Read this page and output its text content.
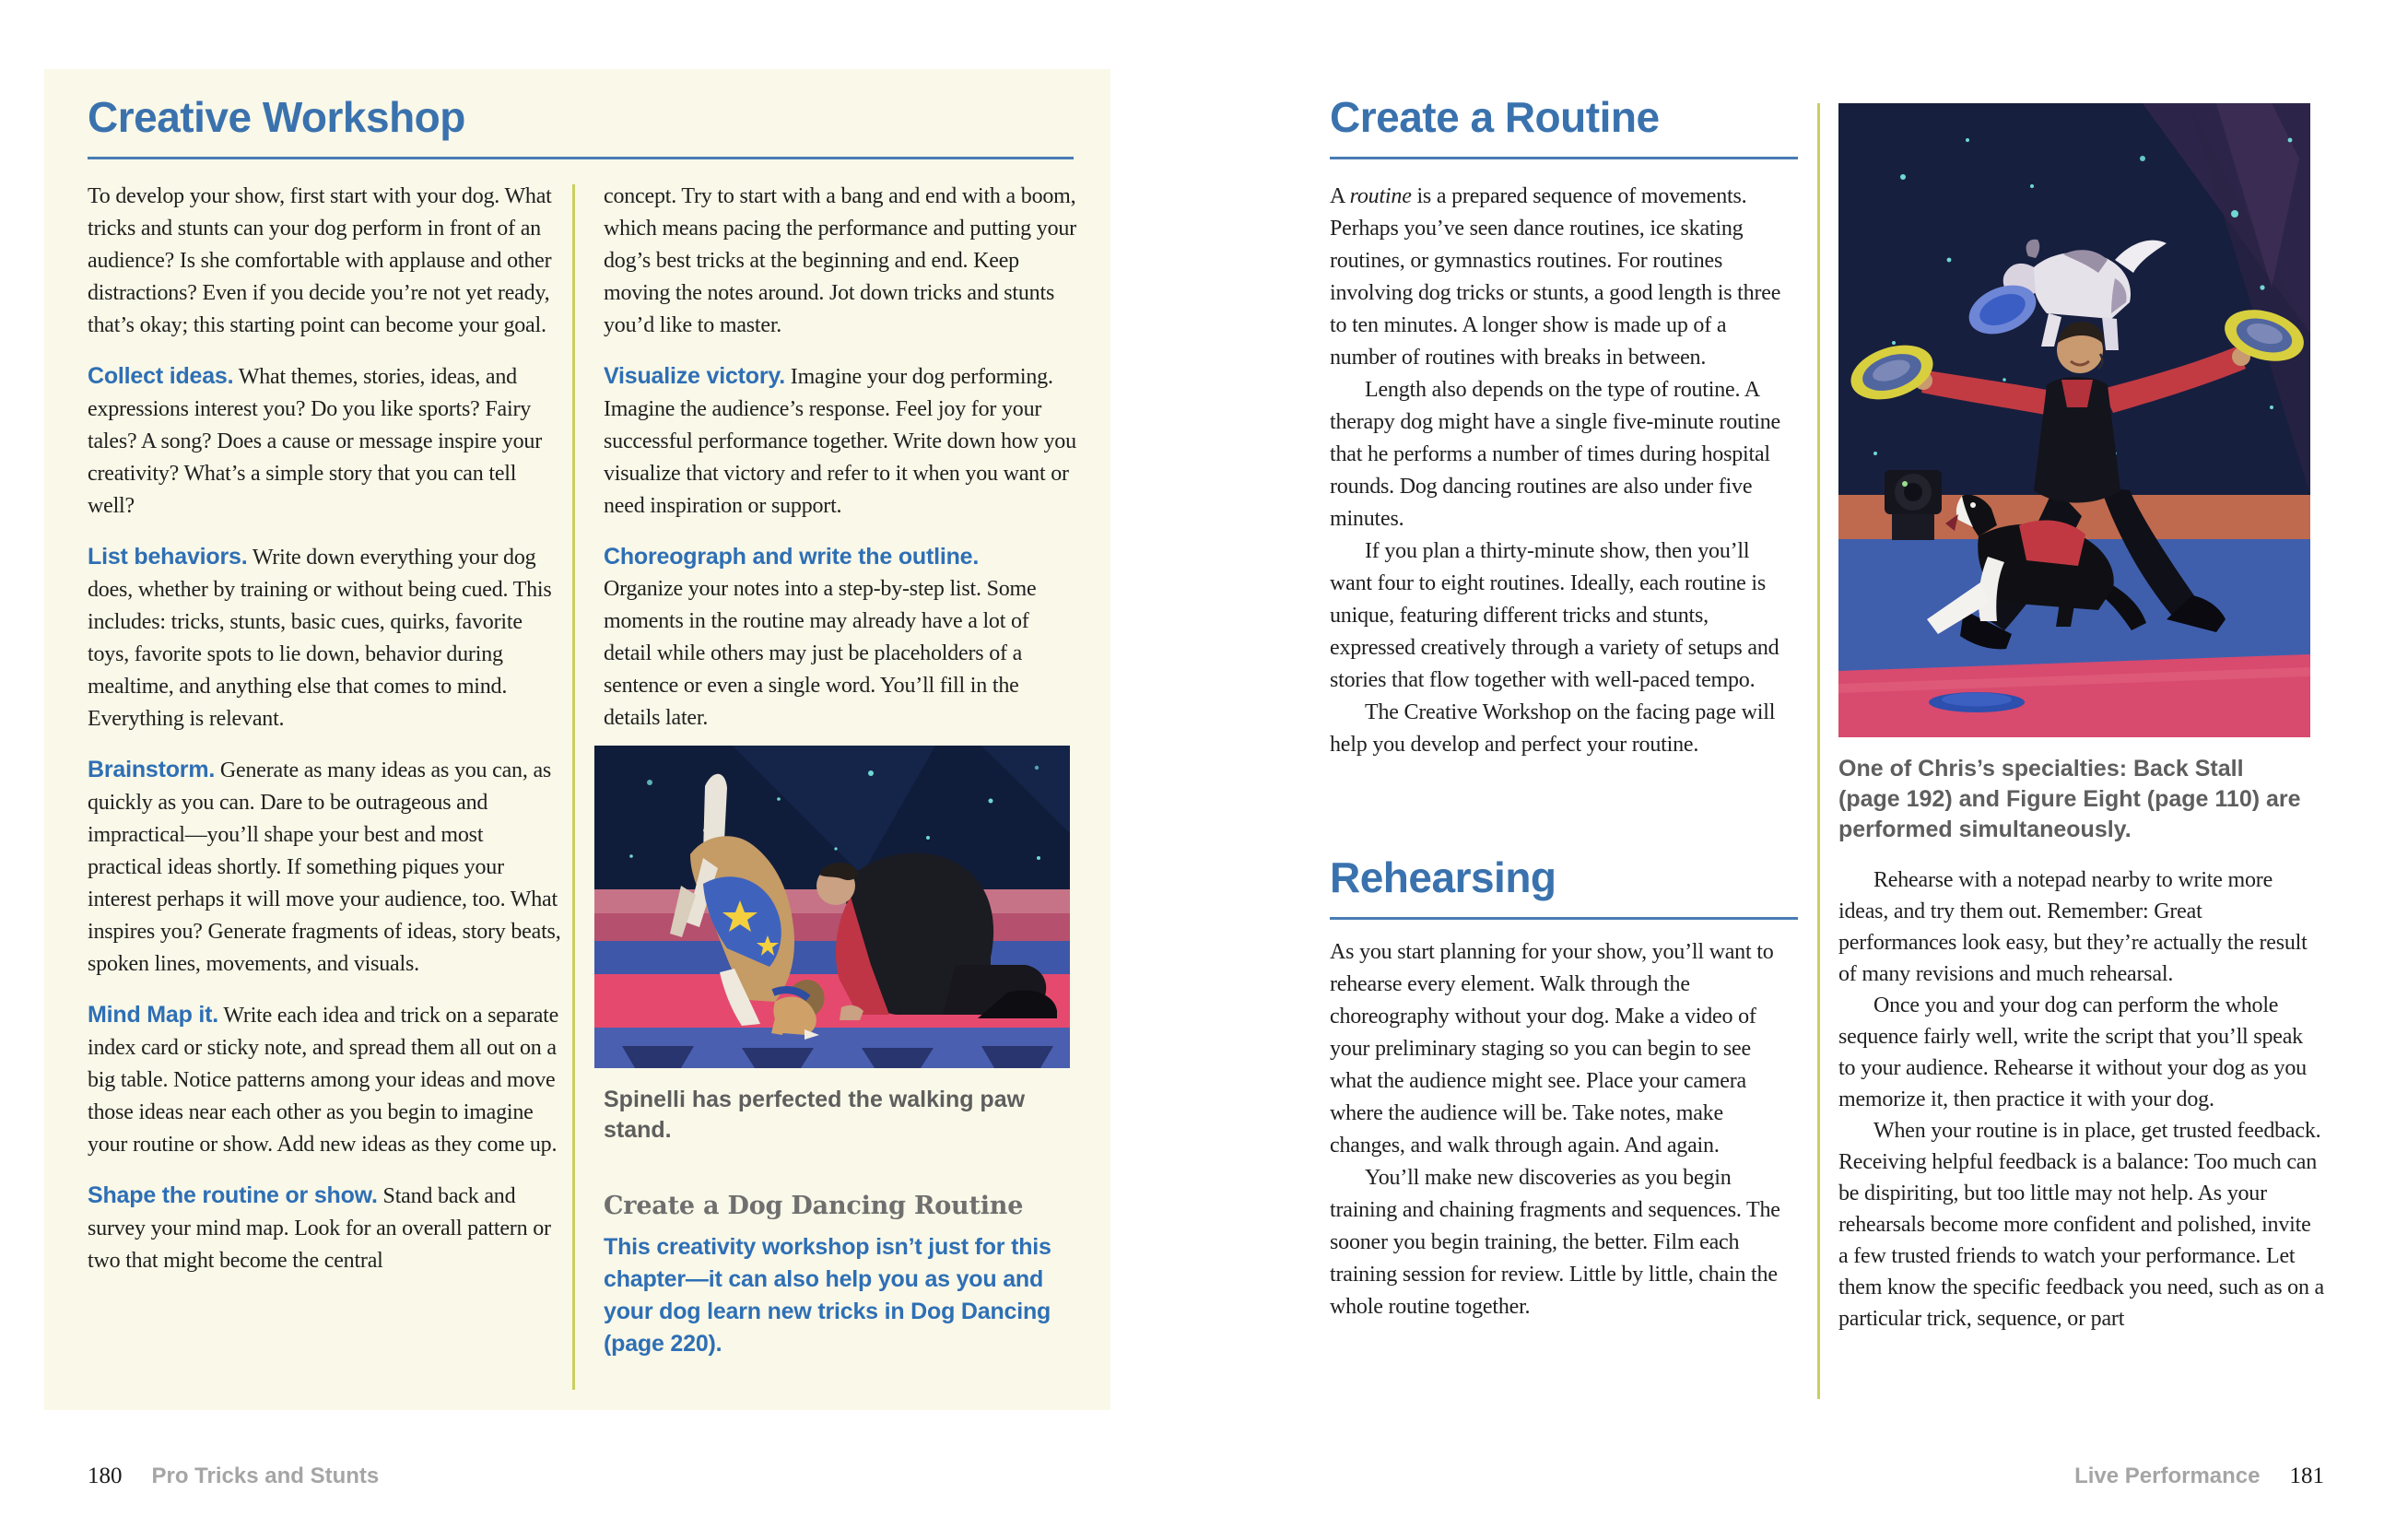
Creative Workshop

To develop your show, first start with your dog. What tricks and stunts can your dog perform in front of an audience? Is she comfortable with applause and other distractions? Even if you decide you’re not yet ready, that’s okay; this starting point can become your goal.

Collect ideas. What themes, stories, ideas, and expressions interest you? Do you like sports? Fairy tales? A song? Does a cause or message inspire your creativity? What’s a simple story that you can tell well?

List behaviors. Write down everything your dog does, whether by training or without being cued. This includes: tricks, stunts, basic cues, quirks, favorite toys, favorite spots to lie down, behavior during mealtime, and anything else that comes to mind. Everything is relevant.

Brainstorm. Generate as many ideas as you can, as quickly as you can. Dare to be outrageous and impractical—you’ll shape your best and most practical ideas shortly. If something piques your interest perhaps it will move your audience, too. What inspires you? Generate fragments of ideas, story beats, spoken lines, movements, and visuals.

Mind Map it. Write each idea and trick on a separate index card or sticky note, and spread them all out on a big table. Notice patterns among your ideas and move those ideas near each other as you begin to imagine your routine or show. Add new ideas as they come up.

Shape the routine or show. Stand back and survey your mind map. Look for an overall pattern or two that might become the central

concept. Try to start with a bang and end with a boom, which means pacing the performance and putting your dog’s best tricks at the beginning and end. Keep moving the notes around. Jot down tricks and stunts you’d like to master.

Visualize victory. Imagine your dog performing. Imagine the audience’s response. Feel joy for your successful performance together. Write down how you visualize that victory and refer to it when you want or need inspiration or support.

Choreograph and write the outline.
Organize your notes into a step-by-step list. Some moments in the routine may already have a lot of detail while others may just be placeholders of a sentence or even a single word. You’ll fill in the details later.

Spinelli has perfected the walking paw stand.
Create a Dog Dancing Routine
This creativity workshop isn’t just for this chapter—it can also help you as you and your dog learn new tricks in Dog Dancing (page 220).
180 Pro Tricks and Stunts
Create a Routine

A routine is a prepared sequence of movements. Perhaps you’ve seen dance routines, ice skating routines, or gymnastics routines. For routines involving dog tricks or stunts, a good length is three to ten minutes. A longer show is made up of a number of routines with breaks in between.

Length also depends on the type of routine. A therapy dog might have a single five-minute routine that he performs a number of times during hospital rounds. Dog dancing routines are also under five minutes.

If you plan a thirty-minute show, then you’ll want four to eight routines. Ideally, each routine is unique, featuring different tricks and stunts, expressed creatively through a variety of setups and stories that flow together with well-paced tempo.

The Creative Workshop on the facing page will help you develop and perfect your routine.

Rehearsing

As you start planning for your show, you’ll want to rehearse every element. Walk through the choreography without your dog. Make a video of your preliminary staging so you can begin to see what the audience might see. Place your camera where the audience will be. Take notes, make changes, and walk through again. And again.

You’ll make new discoveries as you begin training and chaining fragments and sequences. The sooner you begin training, the better. Film each training session for review. Little by little, chain the whole routine together.

One of Chris’s specialties: Back Stall (page 192) and Figure Eight (page 110) are performed simultaneously.

Rehearse with a notepad nearby to write more ideas, and try them out. Remember: Great performances look easy, but they’re actually the result of many revisions and much rehearsal.

Once you and your dog can perform the whole sequence fairly well, write the script that you’ll speak to your audience. Rehearse it without your dog as you memorize it, then practice it with your dog.

When your routine is in place, get trusted feedback. Receiving helpful feedback is a balance: Too much can be dispiriting, but too little may not help. As your rehearsals become more confident and polished, invite a few trusted friends to watch your performance. Let them know the specific feedback you need, such as on a particular trick, sequence, or part

Live Performance 181
